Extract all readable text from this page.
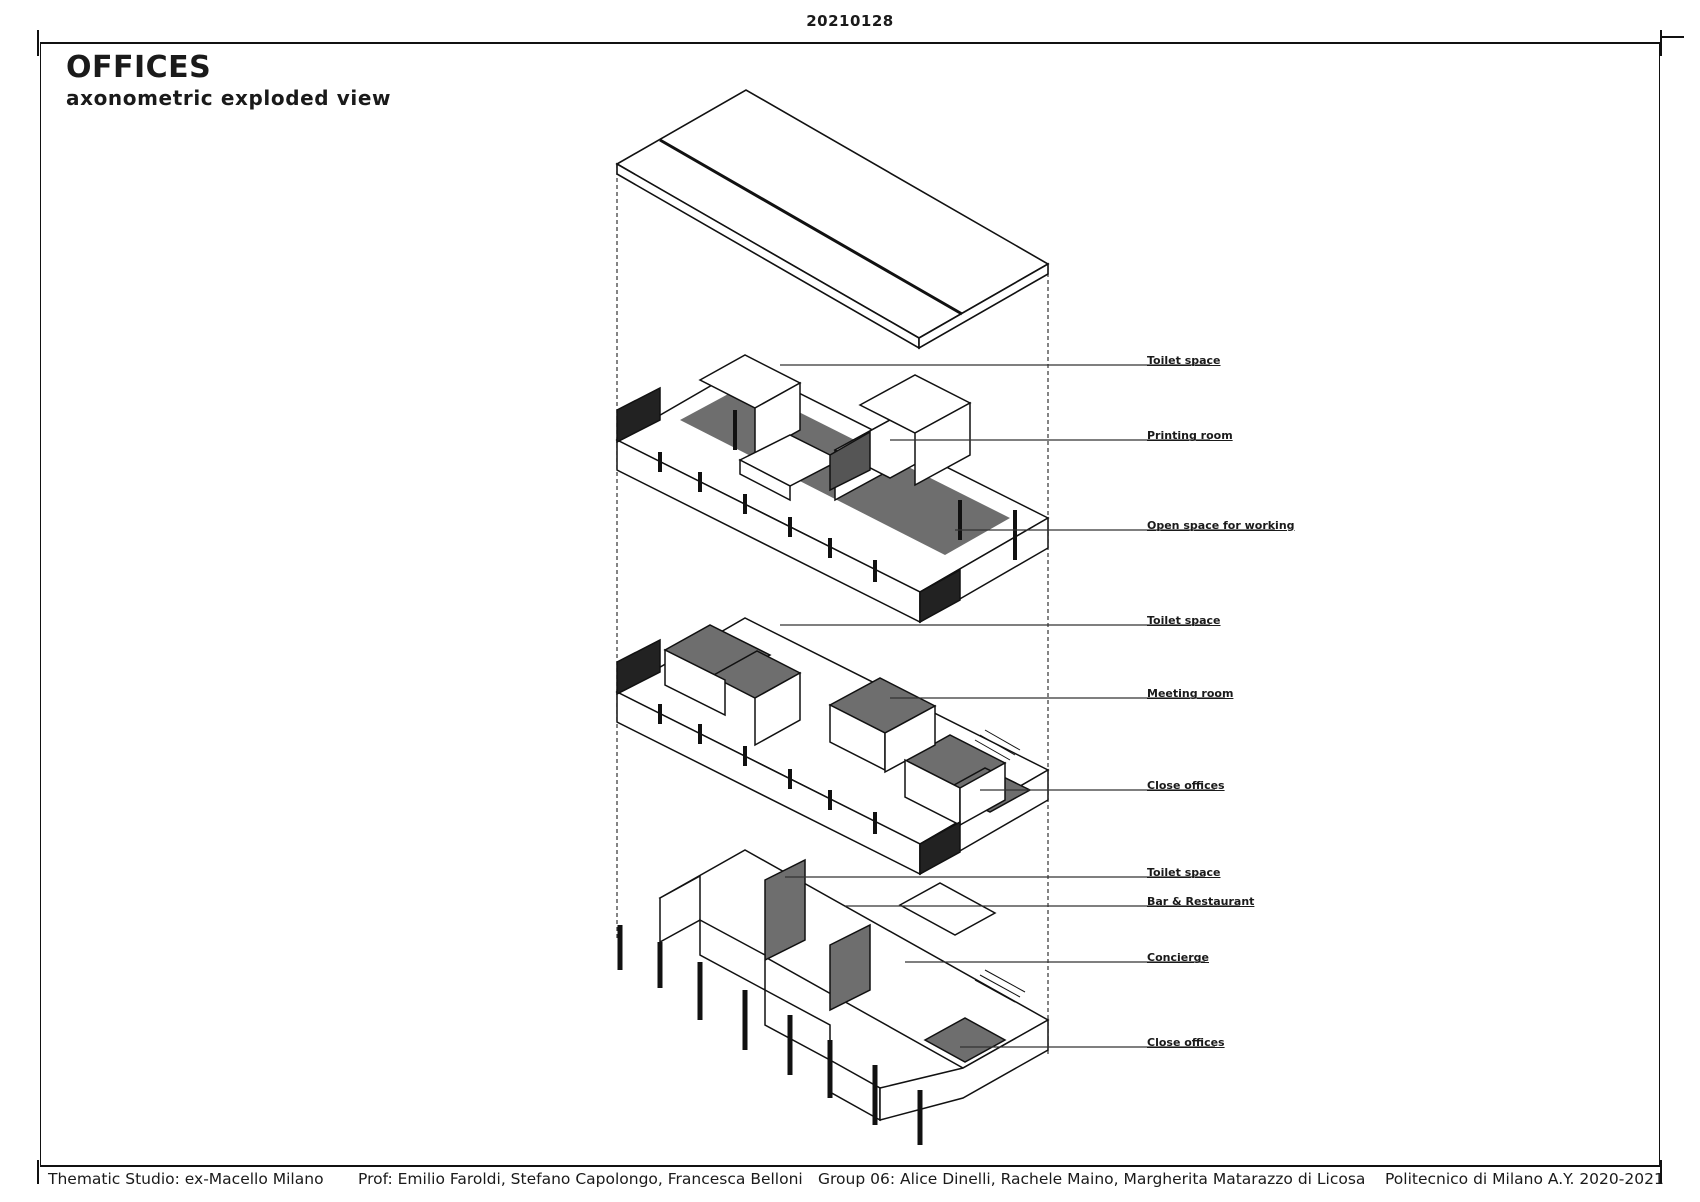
20210128
OFFICES
axonometric exploded view
Toilet space
Printing room
Open space for working
Toilet space
Meeting room
Close offices
Toilet space
Bar & Restaurant
Concierge
Close offices
Thematic Studio: ex-Macello Milano Prof: Emilio Faroldi, Stefano Capolongo, Francesca Belloni Group 06: Alice Dinelli, Rachele Maino, Margherita Matarazzo di Licosa Politecnico di Milano A.Y. 2020-2021
